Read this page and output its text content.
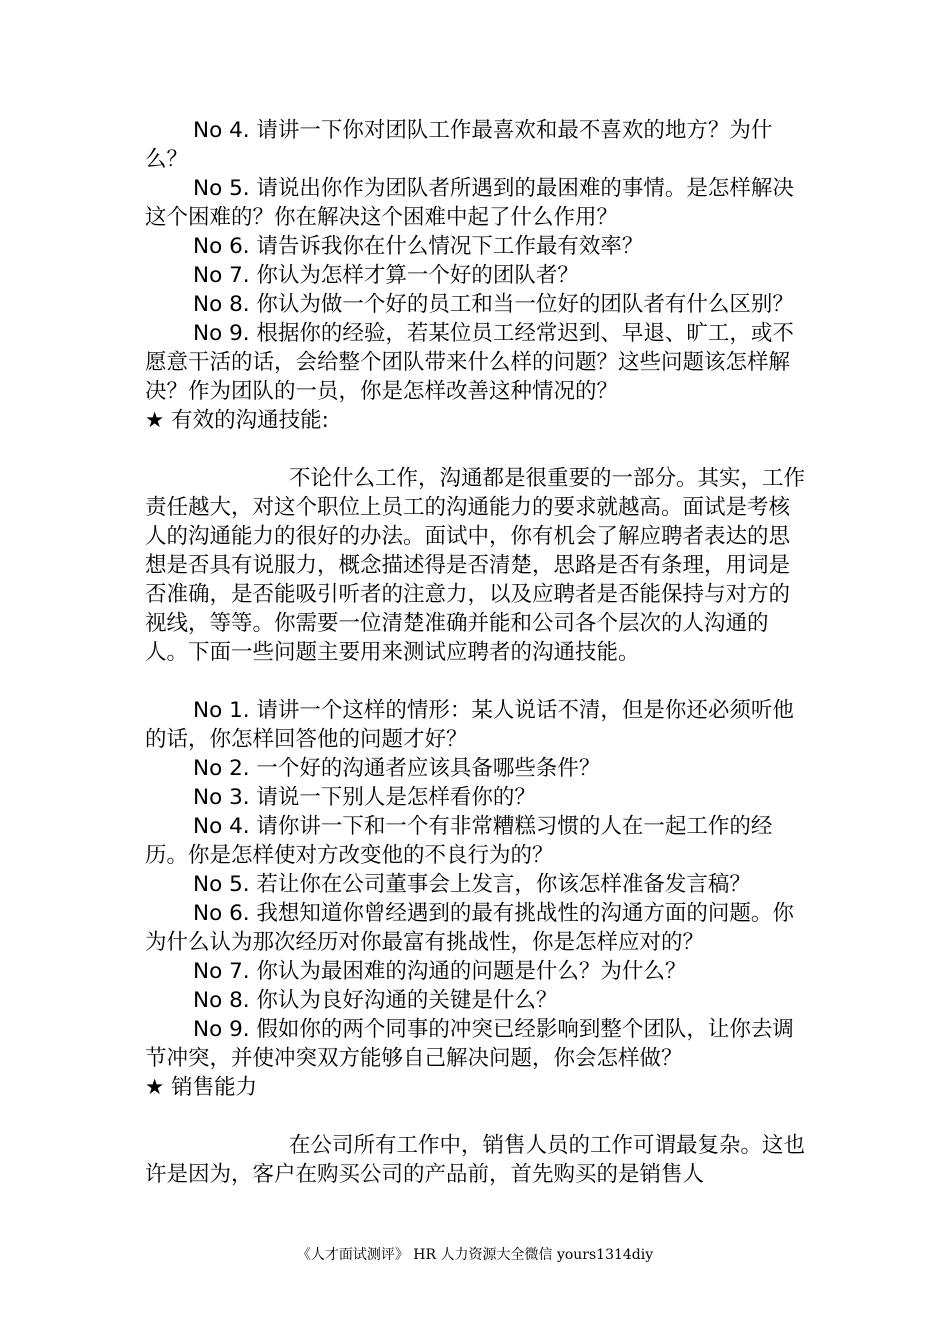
No 4. 请讲一下你对团队工作最喜欢和最不喜欢的地方？为什么？

No 5. 请说出你作为团队者所遇到的最困难的事情。是怎样解决这个困难的？你在解决这个困难中起了什么作用？

No 6. 请告诉我你在什么情况下工作最有效率？

No 7. 你认为怎样才算一个好的团队者？

No 8. 你认为做一个好的员工和当一位好的团队者有什么区别？

No 9. 根据你的经验，若某位员工经常迟到、早退、旷工，或不愿意干活的话，会给整个团队带来什么样的问题？这些问题该怎样解决？作为团队的一员，你是怎样改善这种情况的？

★ 有效的沟通技能:

不论什么工作，沟通都是很重要的一部分。其实，工作责任越大，对这个职位上员工的沟通能力的要求就越高。面试是考核人的沟通能力的很好的办法。面试中，你有机会了解应聘者表达的思想是否具有说服力，概念描述得是否清楚，思路是否有条理，用词是否准确，是否能吸引听者的注意力，以及应聘者是否能保持与对方的视线，等等。你需要一位清楚准确并能和公司各个层次的人沟通的人。下面一些问题主要用来测试应聘者的沟通技能。

No 1. 请讲一个这样的情形：某人说话不清，但是你还必须听他的话，你怎样回答他的问题才好？

No 2. 一个好的沟通者应该具备哪些条件？

No 3. 请说一下别人是怎样看你的？

No 4. 请你讲一下和一个有非常糟糕习惯的人在一起工作的经历。你是怎样使对方改变他的不良行为的？

No 5. 若让你在公司董事会上发言，你该怎样准备发言稿？

No 6. 我想知道你曾经遇到的最有挑战性的沟通方面的问题。你为什么认为那次经历对你最富有挑战性，你是怎样应对的？

No 7. 你认为最困难的沟通的问题是什么？为什么？

No 8. 你认为良好沟通的关键是什么？

No 9. 假如你的两个同事的冲突已经影响到整个团队，让你去调节冲突，并使冲突双方能够自己解决问题，你会怎样做？

★ 销售能力

在公司所有工作中，销售人员的工作可谓最复杂。这也许是因为，客户在购买公司的产品前，首先购买的是销售人

《人才面试测评》 HR 人力资源大全微信 yours1314diy
